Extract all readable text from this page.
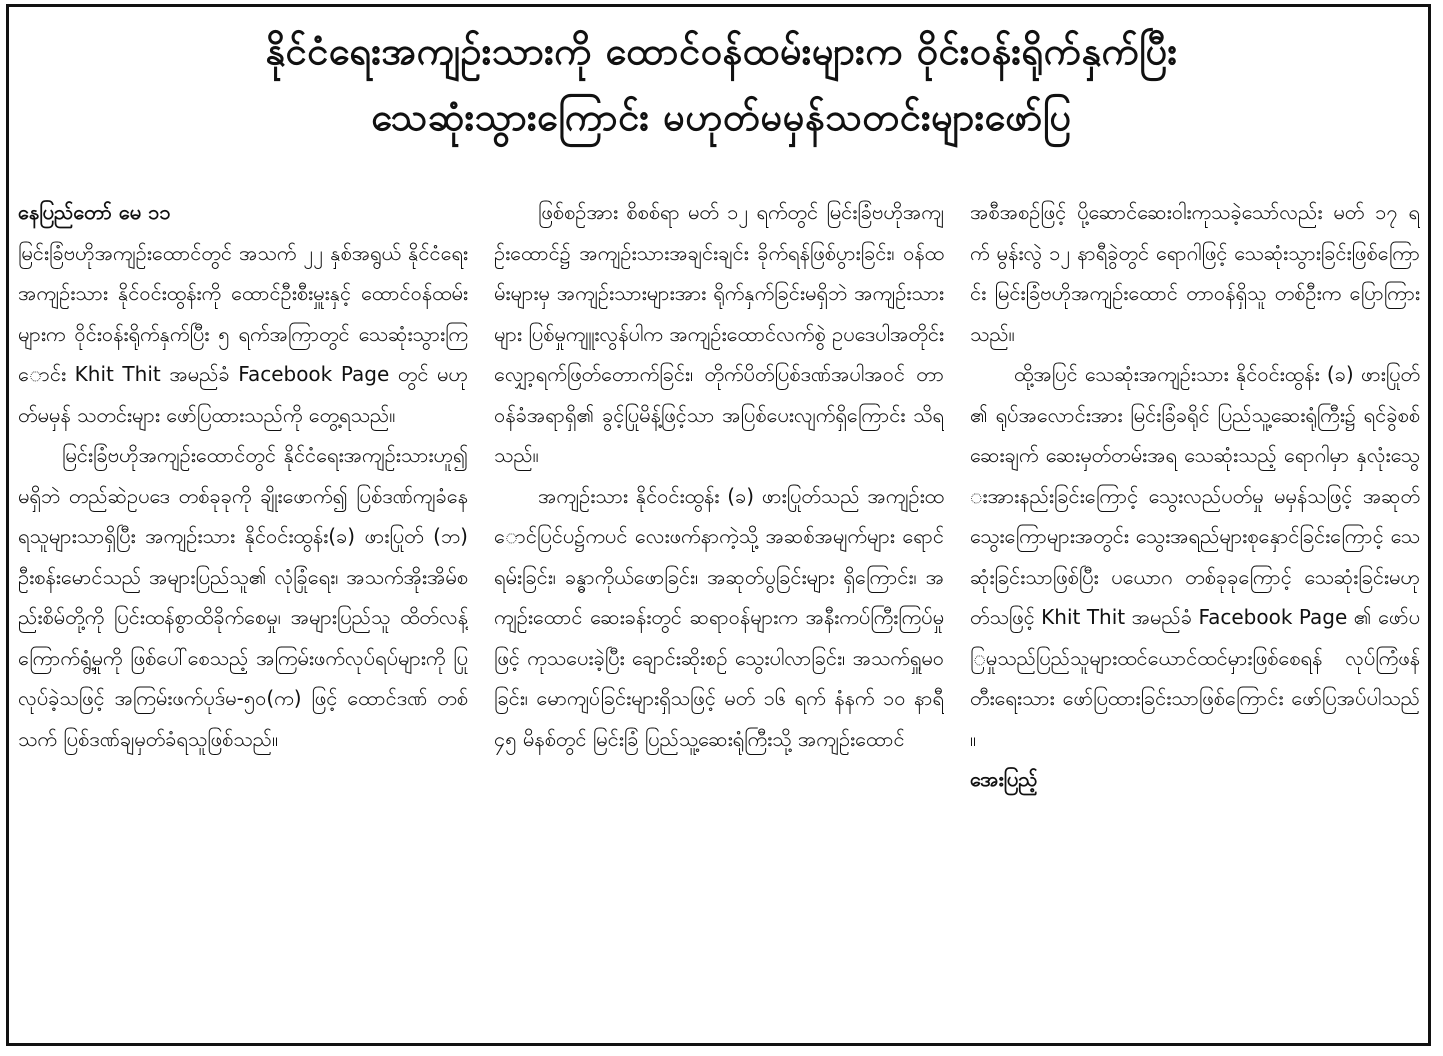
နိုင်ငံရေးအကျဉ်းသားကို ထောင်ဝန်ထမ်းများက ဝိုင်းဝန်းရိုက်နှက်ပြီး
သေဆုံးသွားကြောင်း မဟုတ်မမှန်သတင်းများဖော်ပြ

နေပြည်တော် မေ ၁၁

မြင်းခြံဗဟိုအကျဉ်းထောင်တွင် အသက် ၂၂ နှစ်အရွယ် နိုင်ငံရေးအကျဉ်းသား နိုင်ဝင်းထွန်းကို ထောင်ဦးစီးမှူးနှင့် ထောင်ဝန်ထမ်းများက ဝိုင်းဝန်းရိုက်နှက်ပြီး ၅ ရက်အကြာတွင် သေဆုံးသွားကြောင်း Khit Thit အမည်ခံ Facebook Page တွင် မဟုတ်မမှန် သတင်းများ ဖော်ပြထားသည်ကို တွေ့ရသည်။

မြင်းခြံဗဟိုအကျဉ်းထောင်တွင် နိုင်ငံရေးအကျဉ်းသားဟူ၍မရှိဘဲ တည်ဆဲဥပဒေ တစ်ခုခုကို ချိုးဖောက်၍ ပြစ်ဒဏ်ကျခံနေရသူများသာရှိပြီး အကျဉ်းသား နိုင်ဝင်းထွန်း(ခ) ဖားပြုတ် (ဘ) ဦးစန်းမောင်သည် အများပြည်သူ၏ လုံခြုံရေး၊ အသက်အိုးအိမ်စည်းစိမ်တို့ကို ပြင်းထန်စွာထိခိုက်စေမှု၊ အများပြည်သူ ထိတ်လန့်ကြောက်ရွံ့မှုကို ဖြစ်ပေါ်စေသည့် အကြမ်းဖက်လုပ်ရပ်များကို ပြုလုပ်ခဲ့သဖြင့် အကြမ်းဖက်ပုဒ်မ-၅၀(က) ဖြင့် ထောင်ဒဏ် တစ်သက် ပြစ်ဒဏ်ချမှတ်ခံရသူဖြစ်သည်။

ဖြစ်စဉ်အား စိစစ်ရာ မတ် ၁၂ ရက်တွင် မြင်းခြံဗဟိုအကျဉ်းထောင်၌ အကျဉ်းသားအချင်းချင်း ခိုက်ရန်ဖြစ်ပွားခြင်း၊ ဝန်ထမ်းများမှ အကျဉ်းသားများအား ရိုက်နှက်ခြင်းမရှိဘဲ အကျဉ်းသားများ ပြစ်မှုကျူးလွန်ပါက အကျဉ်းထောင်လက်စွဲ ဥပဒေပါအတိုင်း လျှော့ရက်ဖြတ်တောက်ခြင်း၊ တိုက်ပိတ်ပြစ်ဒဏ်အပါအဝင် တာဝန်ခံအရာရှိ၏ ခွင့်ပြုမိန့်ဖြင့်သာ အပြစ်ပေးလျက်ရှိကြောင်း သိရသည်။

အကျဉ်းသား နိုင်ဝင်းထွန်း (ခ) ဖားပြုတ်သည် အကျဉ်းထောင်ပြင်ပ၌ကပင် လေးဖက်နာကဲ့သို့ အဆစ်အမျက်များ ရောင်ရမ်းခြင်း၊ ခန္ဓာကိုယ်ဖောခြင်း၊ အဆုတ်ပွခြင်းများ ရှိကြောင်း၊ အကျဉ်းထောင် ဆေးခန်းတွင် ဆရာဝန်များက အနီးကပ်ကြီးကြပ်မှုဖြင့် ကုသပေးခဲ့ပြီး ချောင်းဆိုးစဉ် သွေးပါလာခြင်း၊ အသက်ရှူမဝခြင်း၊ မောကျပ်ခြင်းများရှိသဖြင့် မတ် ၁၆ ရက် နံနက် ၁၀ နာရီ ၄၅ မိနစ်တွင် မြင်းခြံ ပြည်သူ့ဆေးရုံကြီးသို့ အကျဉ်းထောင်

အစီအစဉ်ဖြင့် ပို့ဆောင်ဆေးဝါးကုသခဲ့သော်လည်း မတ် ၁၇ ရက် မွန်းလွဲ ၁၂ နာရီခွဲတွင် ရောဂါဖြင့် သေဆုံးသွားခြင်းဖြစ်ကြောင်း မြင်းခြံဗဟိုအကျဉ်းထောင် တာဝန်ရှိသူ တစ်ဦးက ပြောကြားသည်။

ထို့အပြင် သေဆုံးအကျဉ်းသား နိုင်ဝင်းထွန်း (ခ) ဖားပြုတ်၏ ရုပ်အလောင်းအား မြင်းခြံခရိုင် ပြည်သူ့ဆေးရုံကြီး၌ ရင်ခွဲစစ်ဆေးချက် ဆေးမှတ်တမ်းအရ သေဆုံးသည့် ရောဂါမှာ နှလုံးသွေးအားနည်းခြင်းကြောင့် သွေးလည်ပတ်မှု မမှန်သဖြင့် အဆုတ်သွေးကြောများအတွင်း သွေးအရည်များစုနှောင်ခြင်းကြောင့် သေဆုံးခြင်းသာဖြစ်ပြီး ပယောဂ တစ်ခုခုကြောင့် သေဆုံးခြင်းမဟုတ်သဖြင့် Khit Thit အမည်ခံ Facebook Page ၏ ဖော်ပြမှုသည်ပြည်သူများထင်ယောင်ထင်မှားဖြစ်စေရန် လုပ်ကြံဖန်တီးရေးသား ဖော်ပြထားခြင်းသာဖြစ်ကြောင်း ဖော်ပြအပ်ပါသည်။

အေးပြည့်
